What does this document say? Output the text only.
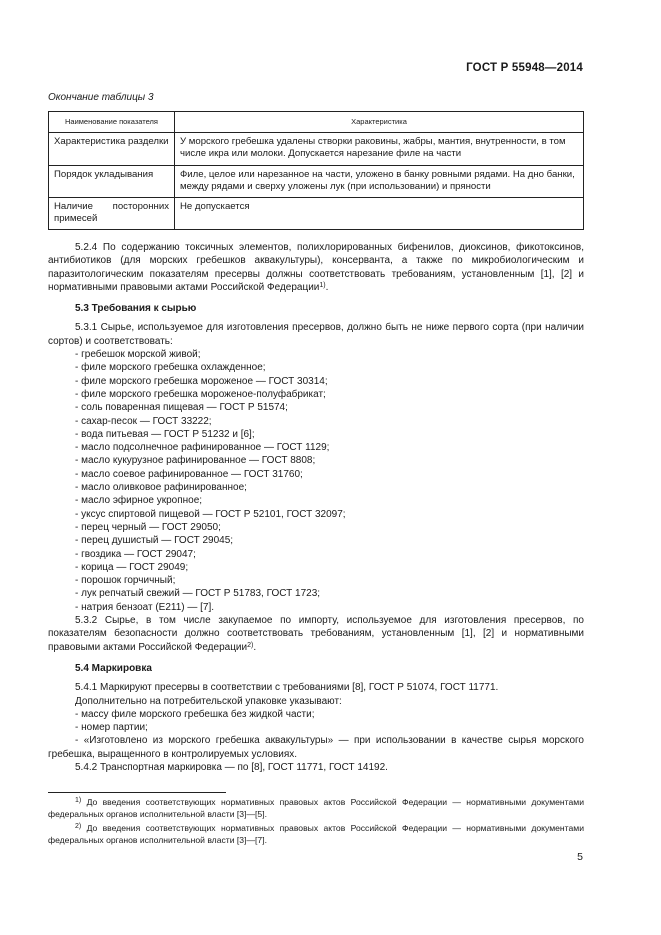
ГОСТ Р 55948—2014
Окончание таблицы 3
Наименование показателя	Характеристика
Характеристика разделки	У морского гребешка удалены створки раковины, жабры, мантия, внутренности, в том числе икра или молоки. Допускается нарезание филе на части
Порядок укладывания	Филе, целое или нарезанное на части, уложено в банку ровными рядами. На дно банки, между рядами и сверху уложены лук (при использовании) и пряности
Наличие посторонних примесей	Не допускается

5.2.4 По содержанию токсичных элементов, полихлорированных бифенилов, диоксинов, фикотоксинов, антибиотиков (для морских гребешков аквакультуры), консерванта, а также по микробиологическим и паразитологическим показателям пресервы должны соответствовать требованиям, установленным [1], [2] и нормативными правовыми актами Российской Федерации$^{1)}$.

5.3 Требования к сырью

5.3.1 Сырье, используемое для изготовления пресервов, должно быть не ниже первого сорта (при наличии сортов) и соответствовать:

- гребешок морской живой;

- филе морского гребешка охлажденное;

- филе морского гребешка мороженое — ГОСТ 30314;

- филе морского гребешка мороженое-полуфабрикат;

- соль поваренная пищевая — ГОСТ Р 51574;

- сахар-песок — ГОСТ 33222;

- вода питьевая — ГОСТ Р 51232 и [6];

- масло подсолнечное рафинированное — ГОСТ 1129;

- масло кукурузное рафинированное — ГОСТ 8808;

- масло соевое рафинированное — ГОСТ 31760;

- масло оливковое рафинированное;

- масло эфирное укропное;

- уксус спиртовой пищевой — ГОСТ Р 52101, ГОСТ 32097;

- перец черный — ГОСТ 29050;

- перец душистый — ГОСТ 29045;

- гвоздика — ГОСТ 29047;

- корица — ГОСТ 29049;

- порошок горчичный;

- лук репчатый свежий — ГОСТ Р 51783, ГОСТ 1723;

- натрия бензоат (Е211) — [7].

5.3.2 Сырье, в том числе закупаемое по импорту, используемое для изготовления пресервов, по показателям безопасности должно соответствовать требованиям, установленным [1], [2] и нормативными правовыми актами Российской Федерации$^{2)}$.

5.4 Маркировка

5.4.1 Маркируют пресервы в соответствии с требованиями [8], ГОСТ Р 51074, ГОСТ 11771.

Дополнительно на потребительской упаковке указывают:

- массу филе морского гребешка без жидкой части;

- номер партии;

- «Изготовлено из морского гребешка аквакультуры» — при использовании в качестве сырья морского гребешка, выращенного в контролируемых условиях.

5.4.2 Транспортная маркировка — по [8], ГОСТ 11771, ГОСТ 14192.

$^{1)}$ До введения соответствующих нормативных правовых актов Российской Федерации — нормативными документами федеральных органов исполнительной власти [3]—[5].
$^{2)}$ До введения соответствующих нормативных правовых актов Российской Федерации — нормативными документами федеральных органов исполнительной власти [3]—[7].
5
